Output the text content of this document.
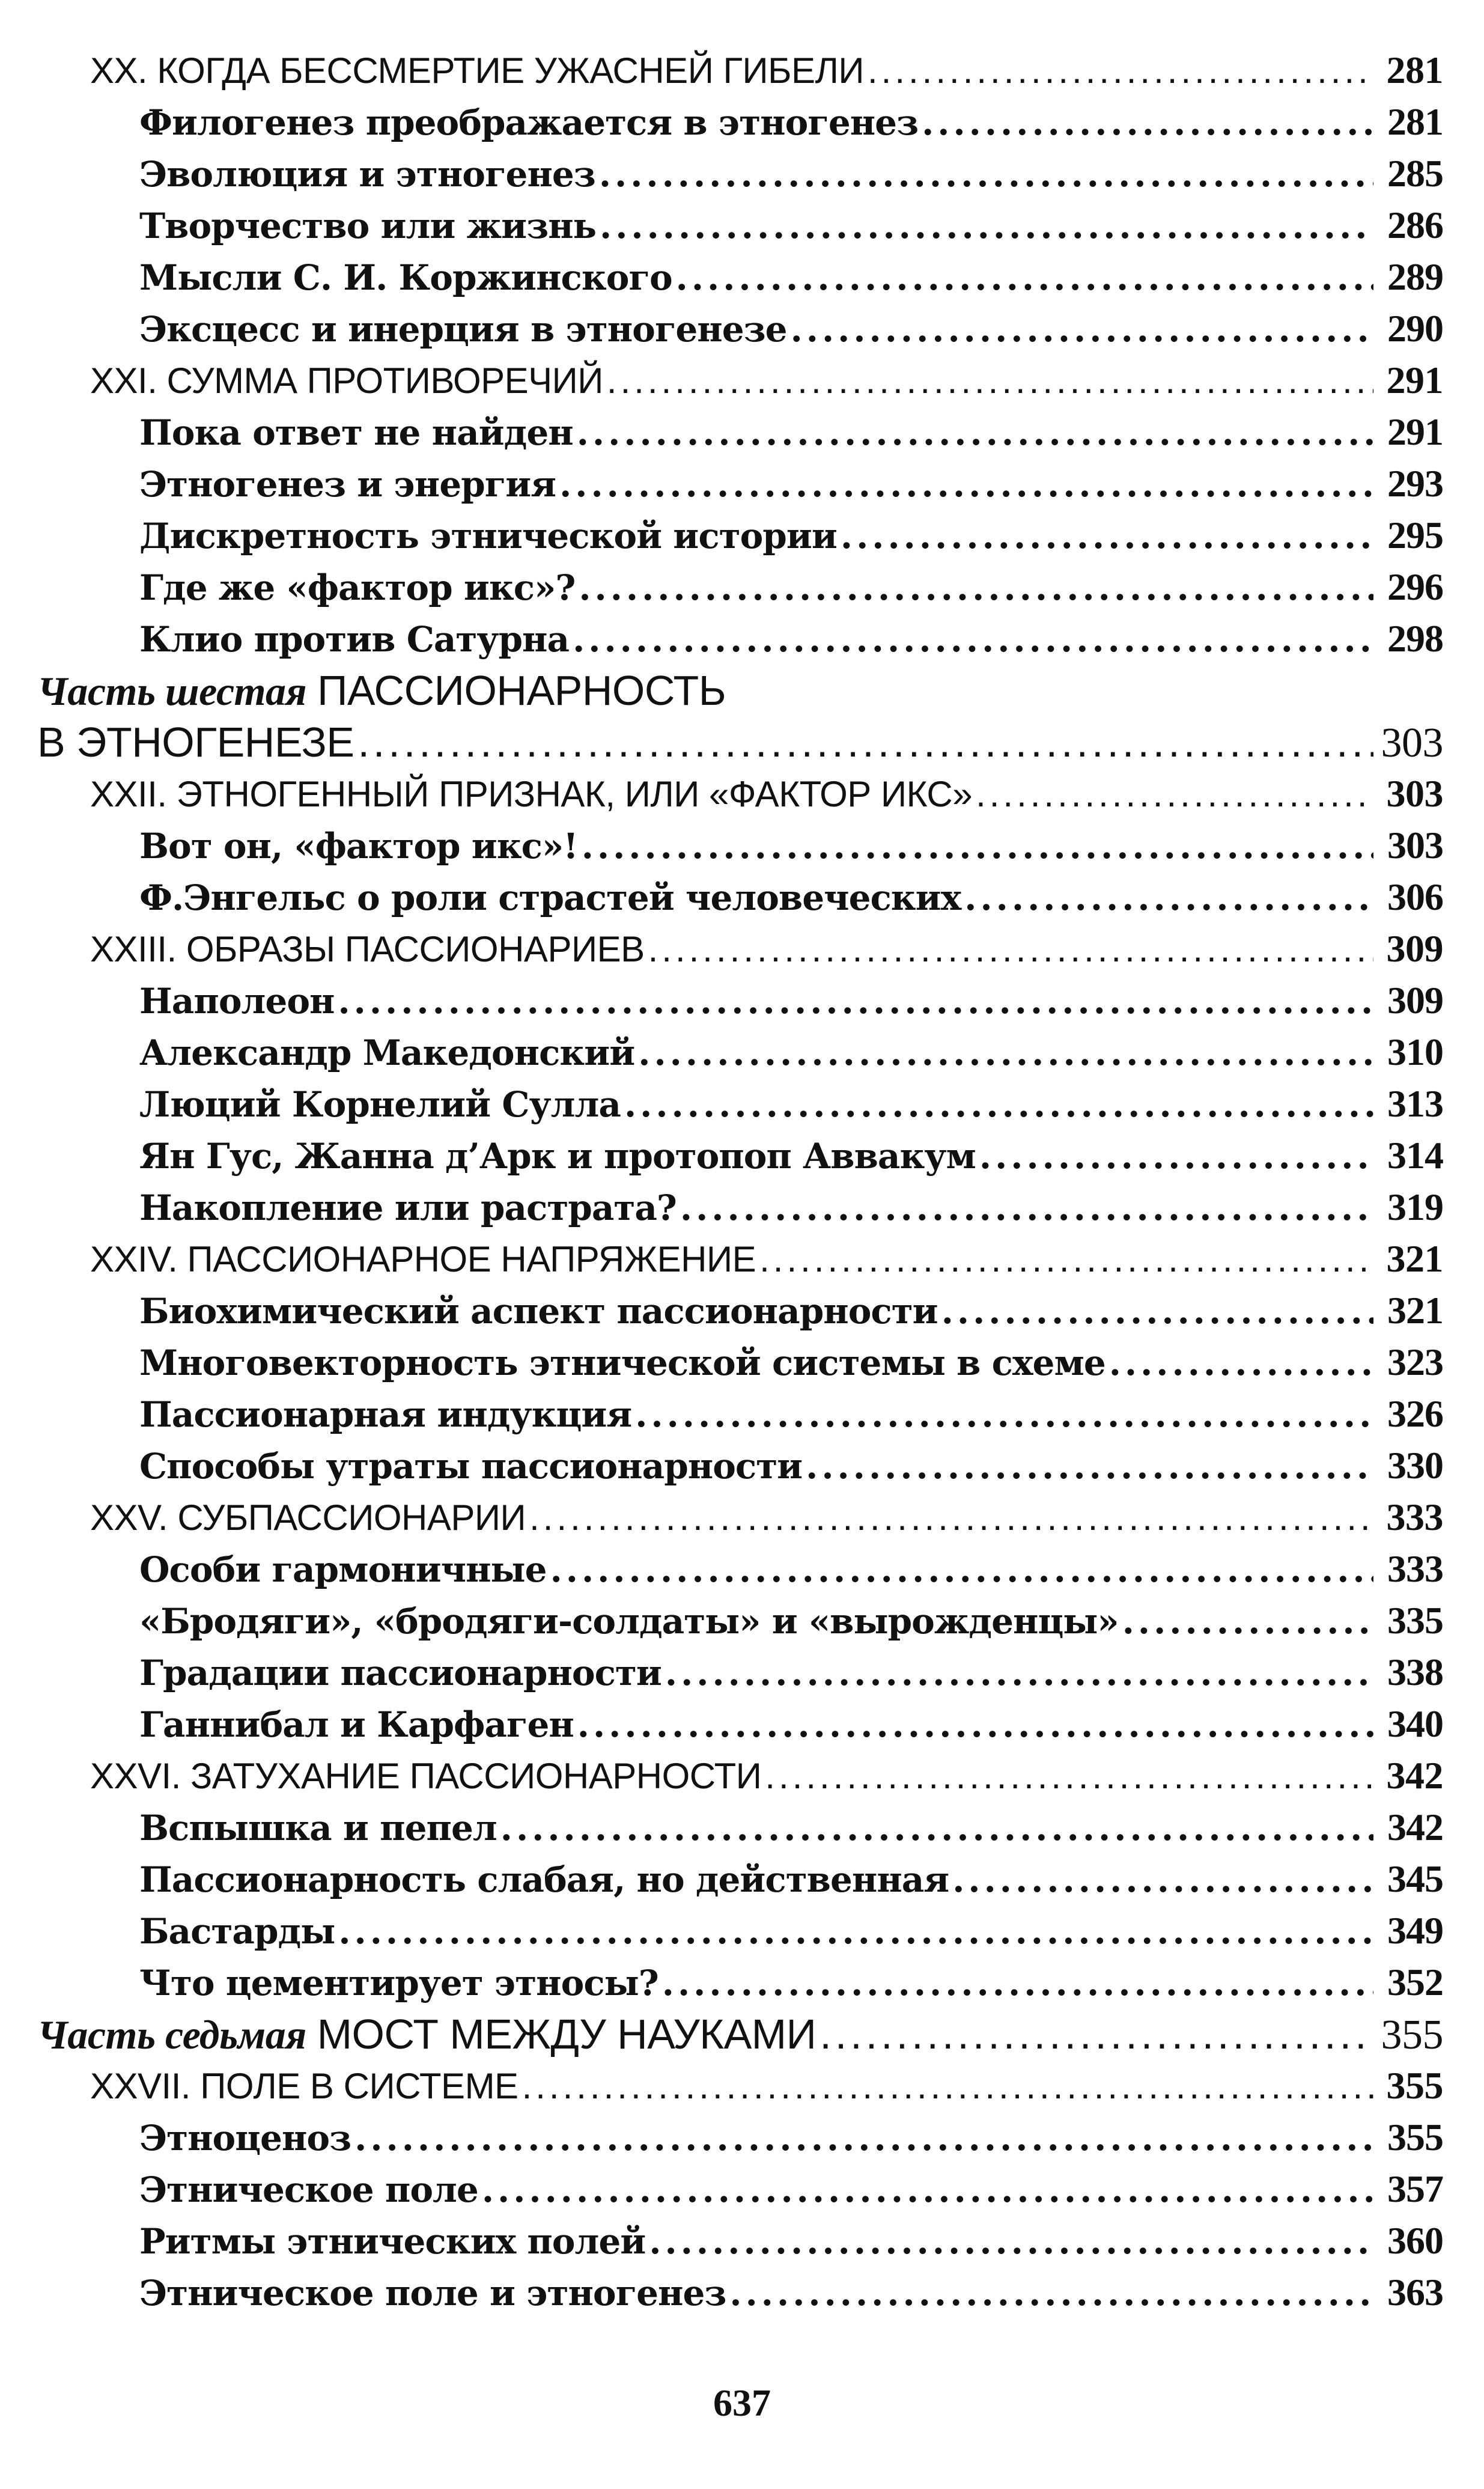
XX. КОГДА БЕССМЕРТИЕ УЖАСНЕЙ ГИБЕЛИ .....	281
Филогенез преображается в этногенез .....	281
Эволюция и этногенез .....	285
Творчество или жизнь .....	286
Мысли С. И. Коржинского .....	289
Эксцесс и инерция в этногенезе .....	290
XXI. СУММА ПРОТИВОРЕЧИЙ .....	291
Пока ответ не найден .....	291
Этногенез и энергия .....	293
Дискретность этнической истории .....	295
Где же «фактор икс»? .....	296
Клио против Сатурна .....	298
Часть шестая ПАССИОНАРНОСТЬ
В ЭТНОГЕНЕЗЕ .....	303
XXII. ЭТНОГЕННЫЙ ПРИЗНАК, ИЛИ «ФАКТОР ИКС» .....	303
Вот он, «фактор икс»! .....	303
Ф.Энгельс о роли страстей человеческих .....	306
XXIII. ОБРАЗЫ ПАССИОНАРИЕВ .....	309
Наполеон .....	309
Александр Македонский .....	310
Люций Корнелий Сулла .....	313
Ян Гус, Жанна д’Арк и протопоп Аввакум .....	314
Накопление или растрата? .....	319
XXIV. ПАССИОНАРНОЕ НАПРЯЖЕНИЕ .....	321
Биохимический аспект пассионарности .....	321
Многовекторность этнической системы в схеме .....	323
Пассионарная индукция .....	326
Способы утраты пассионарности .....	330
XXV. СУБПАССИОНАРИИ .....	333
Особи гармоничные .....	333
«Бродяги», «бродяги-солдаты» и «вырожденцы» .....	335
Градации пассионарности .....	338
Ганнибал и Карфаген .....	340
XXVI. ЗАТУХАНИЕ ПАССИОНАРНОСТИ .....	342
Вспышка и пепел .....	342
Пассионарность слабая, но действенная .....	345
Бастарды .....	349
Что цементирует этносы? .....	352
Часть седьмая МОСТ МЕЖДУ НАУКАМИ .....	355
XXVII. ПОЛЕ В СИСТЕМЕ .....	355
Этноценоз .....	355
Этническое поле .....	357
Ритмы этнических полей .....	360
Этническое поле и этногенез .....	363
637
